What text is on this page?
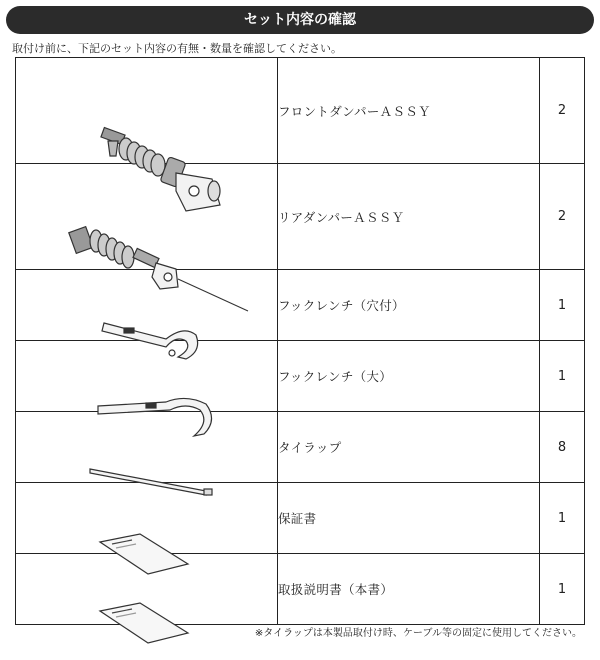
セット内容の確認
取付け前に、下記のセット内容の有無・数量を確認してください。
	フロントダンパーＡＳＳＹ	2

	リアダンパーＡＳＳＹ	2

	フックレンチ（穴付）	1

	フックレンチ（大）	1

	タイラップ	8

	保証書	1

	取扱説明書（本書）	1
※タイラップは本製品取付け時、ケーブル等の固定に使用してください。
